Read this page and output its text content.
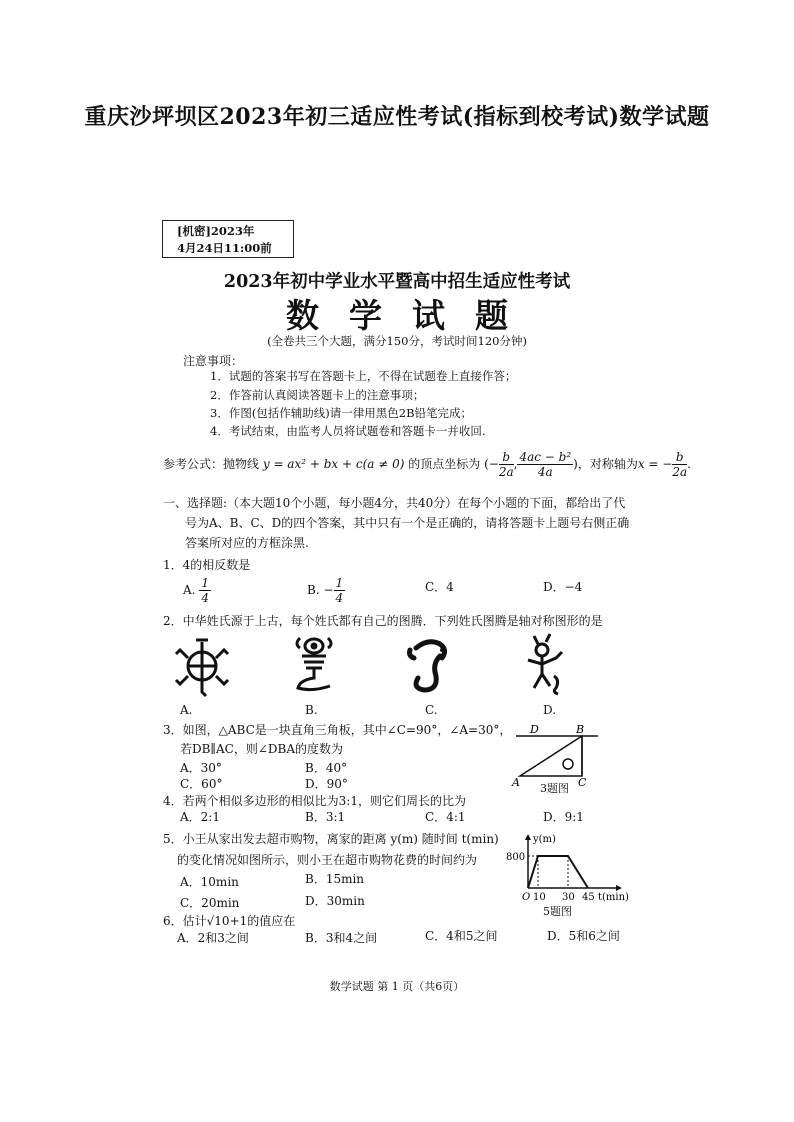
重庆沙坪坝区2023年初三适应性考试(指标到校考试)数学试题
[机密]2023年

4月24日11:00前
2023年初中学业水平暨高中招生适应性考试
数学试题
(全卷共三个大题，满分150分，考试时间120分钟)
注意事项：
1．试题的答案书写在答题卡上，不得在试题卷上直接作答；
2．作答前认真阅读答题卡上的注意事项；
3．作图(包括作辅助线)请一律用黑色2B铅笔完成；
4．考试结束，由监考人员将试题卷和答题卡一并收回.
参考公式：抛物线 y = ax² + bx + c(a ≠ 0) 的顶点坐标为 (− $\frac{b}{2a}$ , $\frac{\text{4ac − b²}}{4a}$ )，对称轴为x = − $\frac{b}{2a}$ .
一、选择题:（本大题10个小题，每小题4分，共40分）在每个小题的下面，都给出了代
号为A、B、C、D的四个答案，其中只有一个是正确的，请将答题卡上题号右侧正确
答案所对应的方框涂黑.
1．4的相反数是
A. $\frac{1}{4}$	B. − $\frac{1}{4}$	C．4	D．−4
2．中华姓氏源于上古，每个姓氏都有自己的图腾．下列姓氏图腾是轴对称图形的是
A.	B.	C.	D.
3．如图，△ABC是一块直角三角板，其中∠C=90°，∠A=30°，
若DB∥AC，则∠DBA的度数为
A．30°	B．40°
C．60°	D．90°
D	B
A	C
3题图
4．若两个相似多边形的相似比为3:1，则它们周长的比为
A．2:1	B．3:1	C．4:1	D．9:1
5．小王从家出发去超市购物，离家的距离 y(m) 随时间 t(min)
的变化情况如图所示，则小王在超市购物花费的时间约为
A．10min	B．15min
C．20min	D．30min
y(m)
800
O 10 30 45 t(min)
5题图
6．估计√10+1的值应在
A．2和3之间	B．3和4之间	C．4和5之间	D．5和6之间
数学试题 第 1 页（共6页）
